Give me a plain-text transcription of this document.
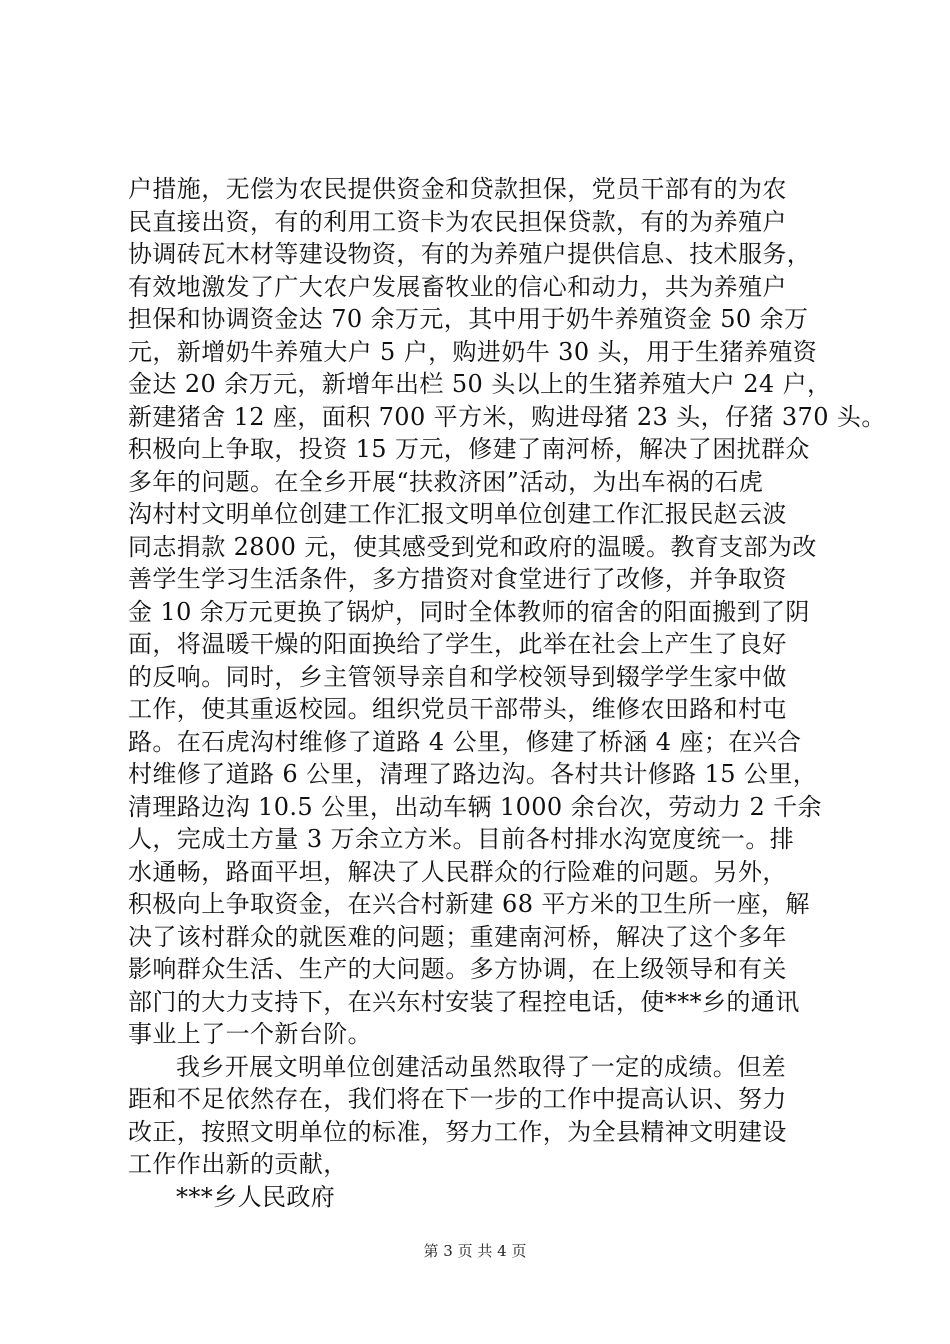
户措施，无偿为农民提供资金和贷款担保，党员干部有的为农
民直接出资，有的利用工资卡为农民担保贷款，有的为养殖户
协调砖瓦木材等建设物资，有的为养殖户提供信息、技术服务，
有效地激发了广大农户发展畜牧业的信心和动力，共为养殖户
担保和协调资金达 70 余万元，其中用于奶牛养殖资金 50 余万
元，新增奶牛养殖大户 5 户，购进奶牛 30 头，用于生猪养殖资
金达 20 余万元，新增年出栏 50 头以上的生猪养殖大户 24 户，
新建猪舍 12 座，面积 700 平方米，购进母猪 23 头，仔猪 370 头。
积极向上争取，投资 15 万元，修建了南河桥，解决了困扰群众
多年的问题。在全乡开展“扶救济困”活动，为出车祸的石虎
沟村村文明单位创建工作汇报文明单位创建工作汇报民赵云波
同志捐款 2800 元，使其感受到党和政府的温暖。教育支部为改
善学生学习生活条件，多方措资对食堂进行了改修，并争取资
金 10 余万元更换了锅炉，同时全体教师的宿舍的阳面搬到了阴
面，将温暖干燥的阳面换给了学生，此举在社会上产生了良好
的反响。同时，乡主管领导亲自和学校领导到辍学学生家中做
工作，使其重返校园。组织党员干部带头，维修农田路和村屯
路。在石虎沟村维修了道路 4 公里，修建了桥涵 4 座；在兴合
村维修了道路 6 公里，清理了路边沟。各村共计修路 15 公里，
清理路边沟 10.5 公里，出动车辆 1000 余台次，劳动力 2 千余
人，完成土方量 3 万余立方米。目前各村排水沟宽度统一。排
水通畅，路面平坦，解决了人民群众的行险难的问题。另外，
积极向上争取资金，在兴合村新建 68 平方米的卫生所一座，解
决了该村群众的就医难的问题；重建南河桥，解决了这个多年
影响群众生活、生产的大问题。多方协调，在上级领导和有关
部门的大力支持下，在兴东村安装了程控电话，使***乡的通讯
事业上了一个新台阶。
我乡开展文明单位创建活动虽然取得了一定的成绩。但差
距和不足依然存在，我们将在下一步的工作中提高认识、努力
改正，按照文明单位的标准，努力工作，为全县精神文明建设
工作作出新的贡献，
***乡人民政府
第 3 页 共 4 页
